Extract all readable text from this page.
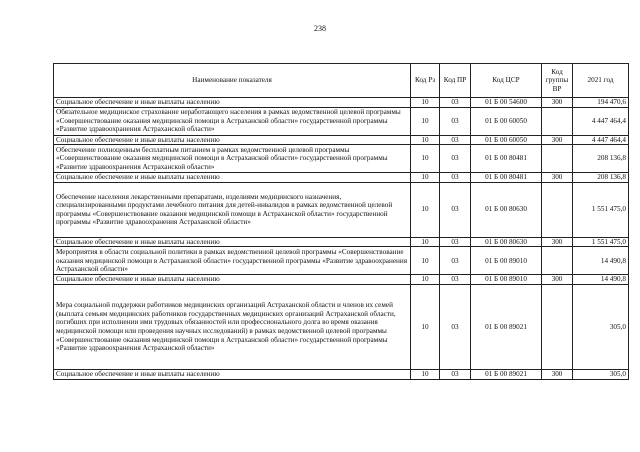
238
Наименование показателя	Код Рз	Код ПР	Код ЦСР	Код группы ВР	2021 год
Социальное обеспечение и иные выплаты населению	10	03	01 Б 00 54600	300	194 470,6
Обязательное медицинское страхование неработающего населения в рамках ведомственной целевой программы «Совершенствование оказания медицинской помощи в Астраханской области» государственной программы «Развитие здравоохранения Астраханской области»	10	03	01 Б 00 60050		4 447 464,4
Социальное обеспечение и иные выплаты населению	10	03	01 Б 00 60050	300	4 447 464,4
Обеспечение полноценным бесплатным питанием в рамках ведомственной целевой программы «Совершенствование оказания медицинской помощи в Астраханской области» государственной программы «Развитие здравоохранения Астраханской области»	10	03	01 Б 00 80481		208 136,8
Социальное обеспечение и иные выплаты населению	10	03	01 Б 00 80481	300	208 136,8
Обеспечение населения лекарственными препаратами, изделиями медицинского назначения, специализированными продуктами лечебного питания для детей-инвалидов в рамках ведомственной целевой программы «Совершенствование оказания медицинской помощи в Астраханской области» государственной программы «Развитие здравоохранения Астраханской области»	10	03	01 Б 00 80630		1 551 475,0
Социальное обеспечение и иные выплаты населению	10	03	01 Б 00 80630	300	1 551 475,0
Мероприятия в области социальной политики в рамках ведомственной целевой программы «Совершенствование оказания медицинской помощи в Астраханской области» государственной программы «Развитие здравоохранения Астраханской области»	10	03	01 Б 00 89010		14 490,8
Социальное обеспечение и иные выплаты населению	10	03	01 Б 00 89010	300	14 490,8
Мера социальной поддержки работников медицинских организаций Астраханской области и членов их семей (выплата семьям медицинских работников государственных медицинских организаций Астраханской области, погибших при исполнении ими трудовых обязанностей или профессионального долга во время оказания медицинской помощи или проведения научных исследований) в рамках ведомственной целевой программы «Совершенствование оказания медицинской помощи в Астраханской области» государственной программы «Развитие здравоохранения Астраханской области»	10	03	01 Б 00 89021		305,0
Социальное обеспечение и иные выплаты населению	10	03	01 Б 00 89021	300	305,0
